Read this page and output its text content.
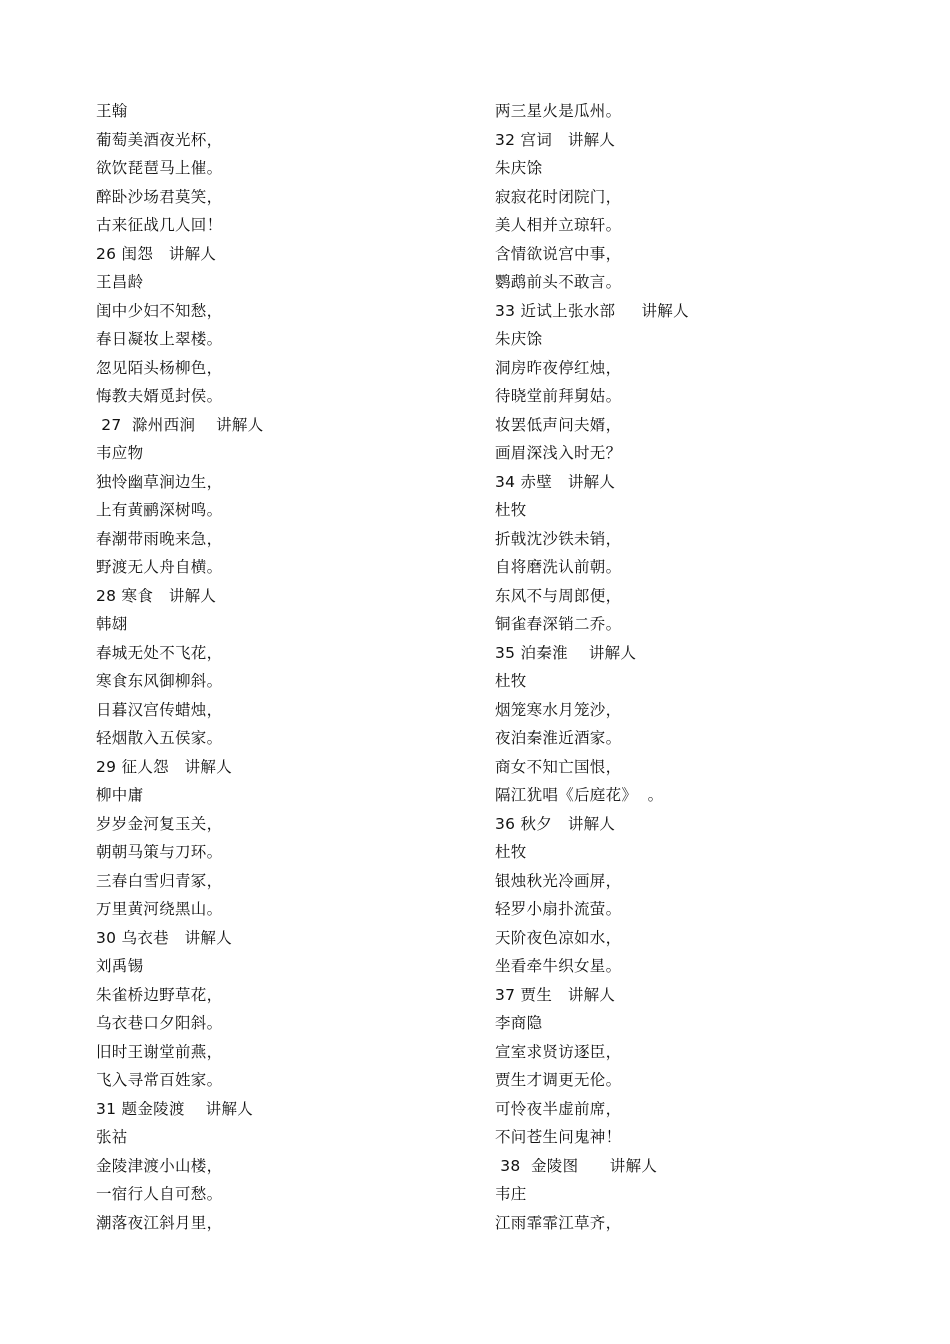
王翰
葡萄美酒夜光杯，
欲饮琵琶马上催。
醉卧沙场君莫笑，
古来征战几人回！
26 闺怨   讲解人
王昌龄
闺中少妇不知愁，
春日凝妆上翠楼。
忽见陌头杨柳色，
悔教夫婿觅封侯。
27  滁州西涧    讲解人
韦应物
独怜幽草涧边生，
上有黄鹂深树鸣。
春潮带雨晚来急，
野渡无人舟自横。
28 寒食   讲解人
韩翃
春城无处不飞花，
寒食东风御柳斜。
日暮汉宫传蜡烛，
轻烟散入五侯家。
29 征人怨   讲解人
柳中庸
岁岁金河复玉关，
朝朝马策与刀环。
三春白雪归青冢，
万里黄河绕黑山。
30 乌衣巷   讲解人
刘禹锡
朱雀桥边野草花，
乌衣巷口夕阳斜。
旧时王谢堂前燕，
飞入寻常百姓家。
31 题金陵渡    讲解人
张祜
金陵津渡小山楼，
一宿行人自可愁。
潮落夜江斜月里，
两三星火是瓜州。
32 宫词   讲解人
朱庆馀
寂寂花时闭院门，
美人相并立琼轩。
含情欲说宫中事，
鹦鹉前头不敢言。
33 近试上张水部     讲解人
朱庆馀
洞房昨夜停红烛，
待晓堂前拜舅姑。
妆罢低声问夫婿，
画眉深浅入时无？
34 赤壁   讲解人
杜牧
折戟沈沙铁未销，
自将磨洗认前朝。
东风不与周郎便，
铜雀春深销二乔。
35 泊秦淮    讲解人
杜牧
烟笼寒水月笼沙，
夜泊秦淮近酒家。
商女不知亡国恨，
隔江犹唱《后庭花》  。
36 秋夕   讲解人
杜牧
银烛秋光冷画屏，
轻罗小扇扑流萤。
天阶夜色凉如水，
坐看牵牛织女星。
37 贾生   讲解人
李商隐
宣室求贤访逐臣，
贾生才调更无伦。
可怜夜半虚前席，
不问苍生问鬼神！
38  金陵图      讲解人
韦庄
江雨霏霏江草齐，
